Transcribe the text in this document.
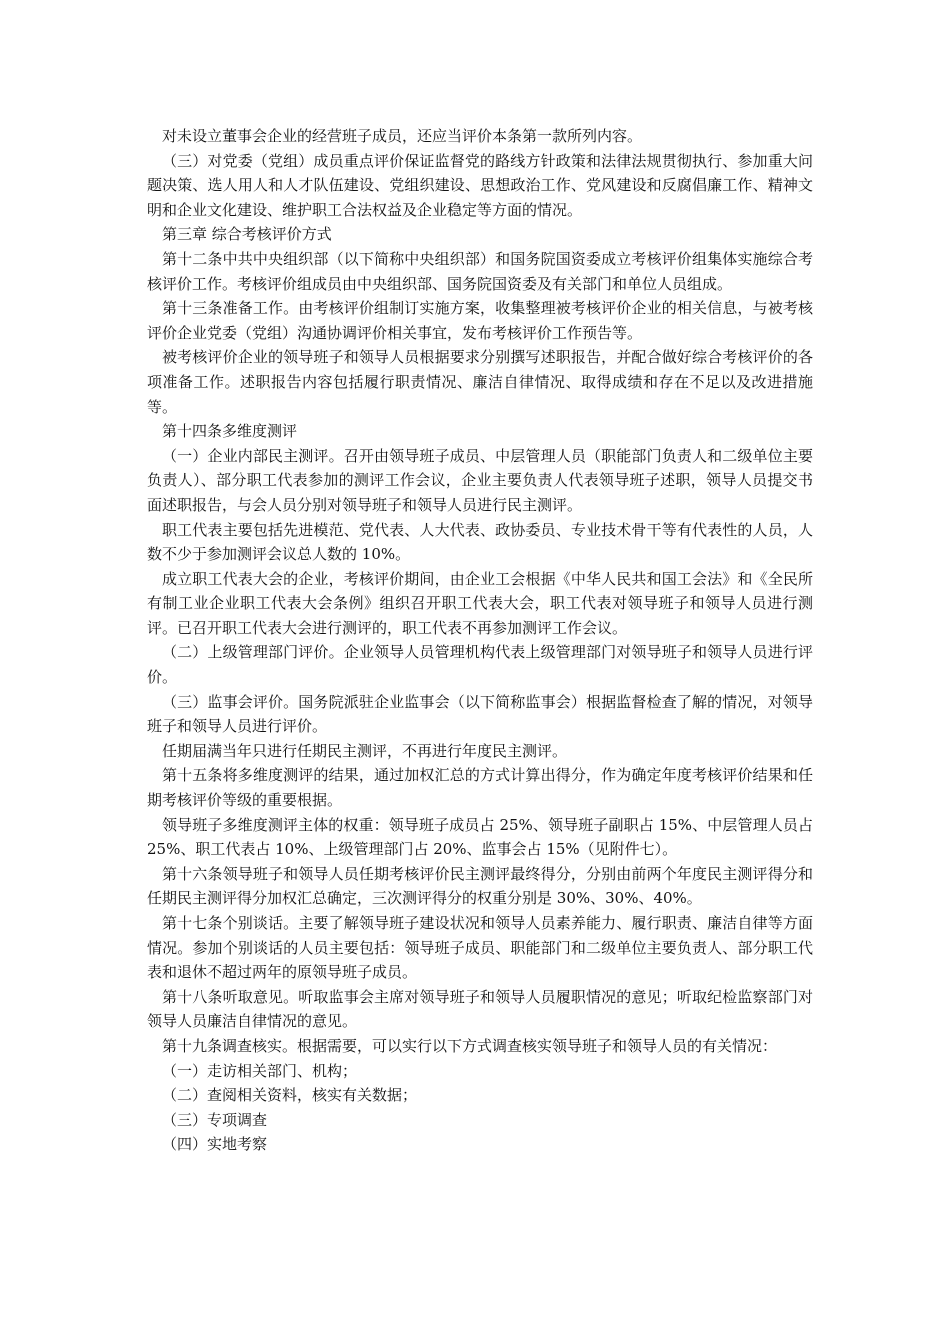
对未设立董事会企业的经营班子成员，还应当评价本条第一款所列内容。

（三）对党委（党组）成员重点评价保证监督党的路线方针政策和法律法规贯彻执行、参加重大问题决策、选人用人和人才队伍建设、党组织建设、思想政治工作、党风建设和反腐倡廉工作、精神文明和企业文化建设、维护职工合法权益及企业稳定等方面的情况。

第三章 综合考核评价方式

第十二条中共中央组织部（以下简称中央组织部）和国务院国资委成立考核评价组集体实施综合考核评价工作。考核评价组成员由中央组织部、国务院国资委及有关部门和单位人员组成。

第十三条准备工作。由考核评价组制订实施方案，收集整理被考核评价企业的相关信息，与被考核评价企业党委（党组）沟通协调评价相关事宜，发布考核评价工作预告等。

被考核评价企业的领导班子和领导人员根据要求分别撰写述职报告，并配合做好综合考核评价的各项准备工作。述职报告内容包括履行职责情况、廉洁自律情况、取得成绩和存在不足以及改进措施等。

第十四条多维度测评

（一）企业内部民主测评。召开由领导班子成员、中层管理人员（职能部门负责人和二级单位主要负责人）、部分职工代表参加的测评工作会议，企业主要负责人代表领导班子述职，领导人员提交书面述职报告，与会人员分别对领导班子和领导人员进行民主测评。

职工代表主要包括先进模范、党代表、人大代表、政协委员、专业技术骨干等有代表性的人员，人数不少于参加测评会议总人数的 10%。

成立职工代表大会的企业，考核评价期间，由企业工会根据《中华人民共和国工会法》和《全民所有制工业企业职工代表大会条例》组织召开职工代表大会，职工代表对领导班子和领导人员进行测评。已召开职工代表大会进行测评的，职工代表不再参加测评工作会议。

（二）上级管理部门评价。企业领导人员管理机构代表上级管理部门对领导班子和领导人员进行评价。

（三）监事会评价。国务院派驻企业监事会（以下简称监事会）根据监督检查了解的情况，对领导班子和领导人员进行评价。

任期届满当年只进行任期民主测评，不再进行年度民主测评。

第十五条将多维度测评的结果，通过加权汇总的方式计算出得分，作为确定年度考核评价结果和任期考核评价等级的重要根据。

领导班子多维度测评主体的权重：领导班子成员占 25%、领导班子副职占 15%、中层管理人员占 25%、职工代表占 10%、上级管理部门占 20%、监事会占 15%（见附件七）。

第十六条领导班子和领导人员任期考核评价民主测评最终得分，分别由前两个年度民主测评得分和任期民主测评得分加权汇总确定，三次测评得分的权重分别是 30%、30%、40%。

第十七条个别谈话。主要了解领导班子建设状况和领导人员素养能力、履行职责、廉洁自律等方面情况。参加个别谈话的人员主要包括：领导班子成员、职能部门和二级单位主要负责人、部分职工代表和退休不超过两年的原领导班子成员。

第十八条听取意见。听取监事会主席对领导班子和领导人员履职情况的意见；听取纪检监察部门对领导人员廉洁自律情况的意见。

第十九条调查核实。根据需要，可以实行以下方式调查核实领导班子和领导人员的有关情况：

（一）走访相关部门、机构；

（二）查阅相关资料，核实有关数据；

（三）专项调查

（四）实地考察
